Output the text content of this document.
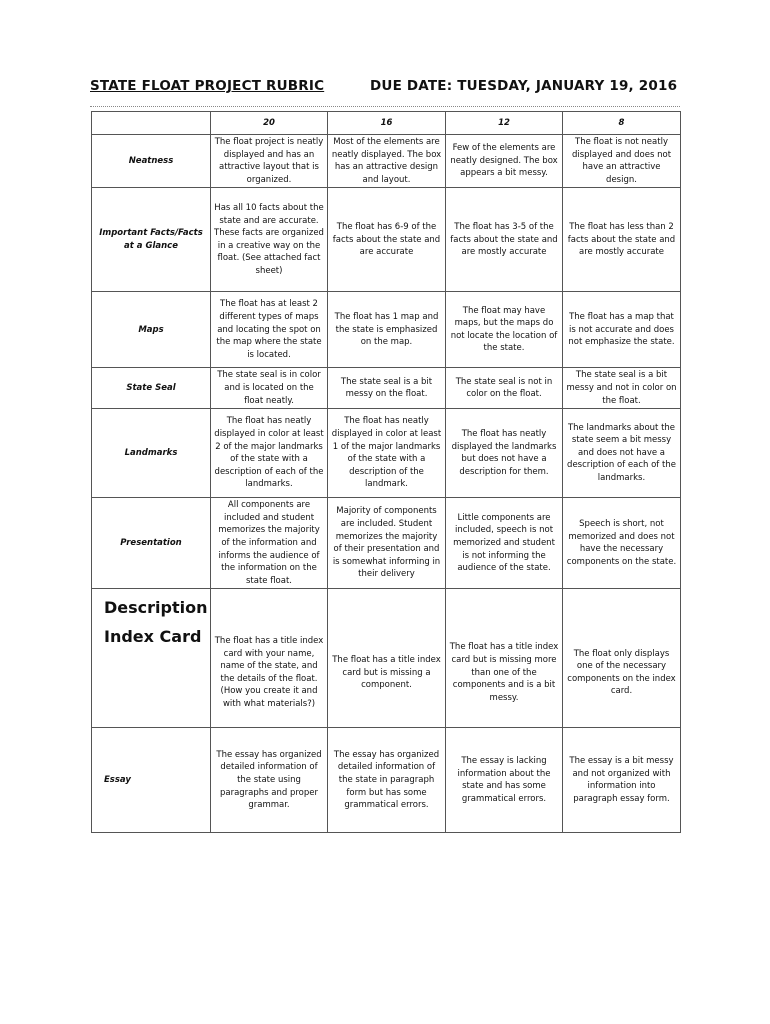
STATE FLOAT PROJECT RUBRIC	DUE DATE: TUESDAY, JANUARY 19, 2016
	20	16	12	8
Neatness	The float project is neatly displayed and has an attractive layout that is organized.	Most of the elements are neatly displayed. The box has an attractive design and layout.	Few of the elements are neatly designed. The box appears a bit messy.	The float is not neatly displayed and does not have an attractive design.
Important Facts/Facts at a Glance	Has all 10 facts about the state and are accurate. These facts are organized in a creative way on the float. (See attached fact sheet)	The float has 6-9 of the facts about the state and are accurate	The float has 3-5 of the facts about the state and are mostly accurate	The float has less than 2 facts about the state and are mostly accurate
Maps	The float has at least 2 different types of maps and locating the spot on the map where the state is located.	The float has 1 map and the state is emphasized on the map.	The float may have maps, but the maps do not locate the location of the state.	The float has a map that is not accurate and does not emphasize the state.
State Seal	The state seal is in color and is located on the float neatly.	The state seal is a bit messy on the float.	The state seal is not in color on the float.	The state seal is a bit messy and not in color on the float.
Landmarks	The float has neatly displayed in color at least 2 of the major landmarks of the state with a description of each of the landmarks.	The float has neatly displayed in color at least 1 of the major landmarks of the state with a description of the landmark.	The float has neatly displayed the landmarks but does not have a description for them.	The landmarks about the state seem a bit messy and does not have a description of each of the landmarks.
Presentation	All components are included and student memorizes the majority of the information and informs the audience of the information on the state float.	Majority of components are included. Student memorizes the majority of their presentation and is somewhat informing in their delivery	Little components are included, speech is not memorized and student is not informing the audience of the state.	Speech is short, not memorized and does not have the necessary components on the state.
Description Index Card	The float has a title index card with your name, name of the state, and the details of the float. (How you create it and with what materials?)	The float has a title index card but is missing a component.	The float has a title index card but is missing more than one of the components and is a bit messy.	The float only displays one of the necessary components on the index card.
Essay	The essay has organized detailed information of the state using paragraphs and proper grammar.	The essay has organized detailed information of the state in paragraph form but has some grammatical errors.	The essay is lacking information about the state and has some grammatical errors.	The essay is a bit messy and not organized with information into paragraph essay form.
